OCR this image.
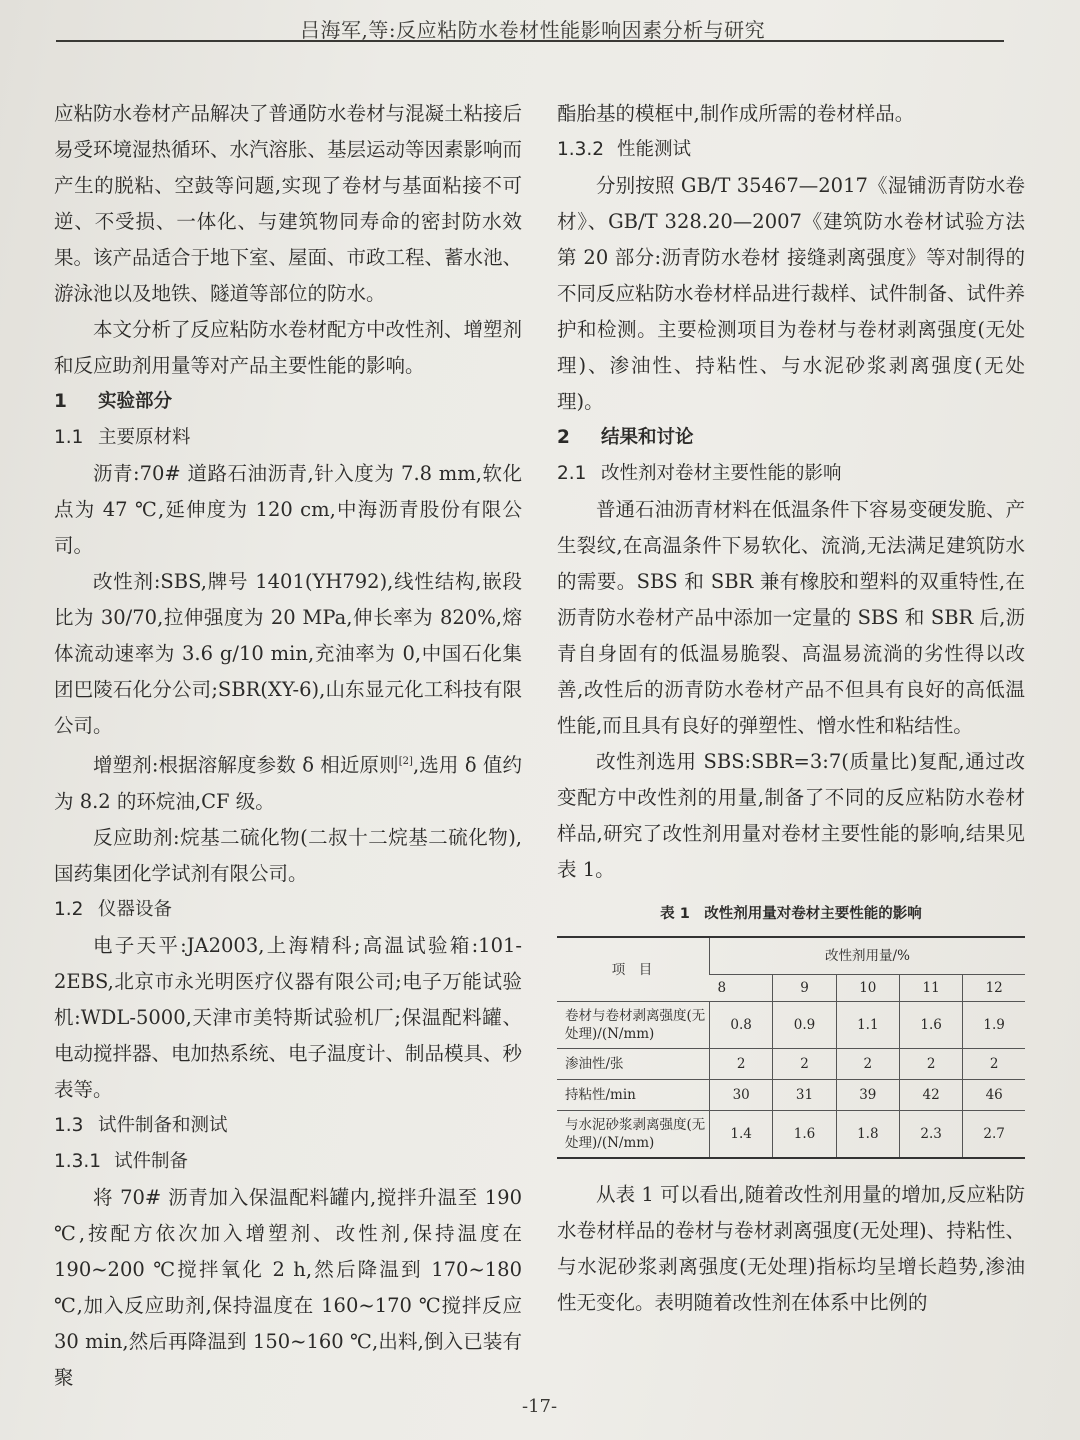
吕海军,等:反应粘防水卷材性能影响因素分析与研究

应粘防水卷材产品解决了普通防水卷材与混凝土粘接后易受环境湿热循环、水汽溶胀、基层运动等因素影响而产生的脱粘、空鼓等问题,实现了卷材与基面粘接不可逆、不受损、一体化、与建筑物同寿命的密封防水效果。该产品适合于地下室、屋面、市政工程、蓄水池、游泳池以及地铁、隧道等部位的防水。

本文分析了反应粘防水卷材配方中改性剂、增塑剂和反应助剂用量等对产品主要性能的影响。

1 实验部分
1.1 主要原材料

沥青:70# 道路石油沥青,针入度为 7.8 mm,软化点为 47 ℃,延伸度为 120 cm,中海沥青股份有限公司。

改性剂:SBS,牌号 1401(YH792),线性结构,嵌段比为 30/70,拉伸强度为 20 MPa,伸长率为 820%,熔体流动速率为 3.6 g/10 min,充油率为 0,中国石化集团巴陵石化分公司;SBR(XY-6),山东显元化工科技有限公司。

增塑剂:根据溶解度参数 δ 相近原则[2],选用 δ 值约为 8.2 的环烷油,CF 级。

反应助剂:烷基二硫化物(二叔十二烷基二硫化物),国药集团化学试剂有限公司。

1.2 仪器设备

电子天平:JA2003,上海精科;高温试验箱:101-2EBS,北京市永光明医疗仪器有限公司;电子万能试验机:WDL-5000,天津市美特斯试验机厂;保温配料罐、电动搅拌器、电加热系统、电子温度计、制品模具、秒表等。

1.3 试件制备和测试
1.3.1 试件制备

将 70# 沥青加入保温配料罐内,搅拌升温至 190 ℃,按配方依次加入增塑剂、改性剂,保持温度在 190~200 ℃搅拌氧化 2 h,然后降温到 170~180 ℃,加入反应助剂,保持温度在 160~170 ℃搅拌反应 30 min,然后再降温到 150~160 ℃,出料,倒入已装有聚

酯胎基的模框中,制作成所需的卷材样品。

1.3.2 性能测试

分别按照 GB/T 35467—2017《湿铺沥青防水卷材》、GB/T 328.20—2007《建筑防水卷材试验方法 第 20 部分:沥青防水卷材 接缝剥离强度》等对制得的不同反应粘防水卷材样品进行裁样、试件制备、试件养护和检测。主要检测项目为卷材与卷材剥离强度(无处理)、渗油性、持粘性、与水泥砂浆剥离强度(无处理)。

2 结果和讨论
2.1 改性剂对卷材主要性能的影响

普通石油沥青材料在低温条件下容易变硬发脆、产生裂纹,在高温条件下易软化、流淌,无法满足建筑防水的需要。SBS 和 SBR 兼有橡胶和塑料的双重特性,在沥青防水卷材产品中添加一定量的 SBS 和 SBR 后,沥青自身固有的低温易脆裂、高温易流淌的劣性得以改善,改性后的沥青防水卷材产品不但具有良好的高低温性能,而且具有良好的弹塑性、憎水性和粘结性。

改性剂选用 SBS:SBR=3:7(质量比)复配,通过改变配方中改性剂的用量,制备了不同的反应粘防水卷材样品,研究了改性剂用量对卷材主要性能的影响,结果见表 1。

表 1　改性剂用量对卷材主要性能的影响
项　目	改性剂用量/%				
	8	9	10	11	12
卷材与卷材剥离强度(无处理)/(N/mm)	0.8	0.9	1.1	1.6	1.9
渗油性/张	2	2	2	2	2
持粘性/min	30	31	39	42	46
与水泥砂浆剥离强度(无处理)/(N/mm)	1.4	1.6	1.8	2.3	2.7

从表 1 可以看出,随着改性剂用量的增加,反应粘防水卷材样品的卷材与卷材剥离强度(无处理)、持粘性、与水泥砂浆剥离强度(无处理)指标均呈增长趋势,渗油性无变化。表明随着改性剂在体系中比例的

-17-
